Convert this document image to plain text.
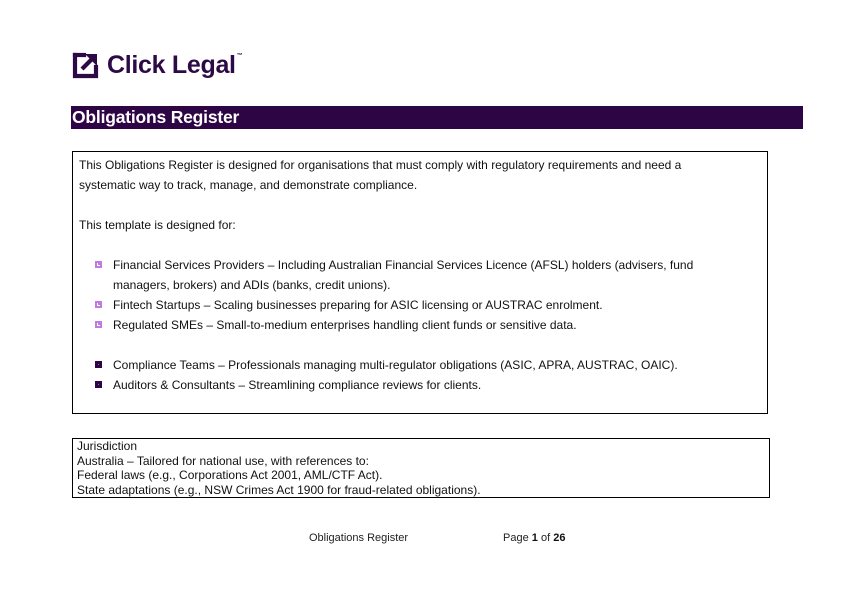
Click Legal ™
Obligations Register
This Obligations Register is designed for organisations that must comply with regulatory requirements and need a
systematic way to track, manage, and demonstrate compliance.
This template is designed for:
Financial Services Providers – Including Australian Financial Services Licence (AFSL) holders (advisers, fund managers, brokers) and ADIs (banks, credit unions).
Fintech Startups – Scaling businesses preparing for ASIC licensing or AUSTRAC enrolment.
Regulated SMEs – Small-to-medium enterprises handling client funds or sensitive data.
Compliance Teams – Professionals managing multi-regulator obligations (ASIC, APRA, AUSTRAC, OAIC).
Auditors & Consultants – Streamlining compliance reviews for clients.
Jurisdiction
Australia – Tailored for national use, with references to:
Federal laws (e.g., Corporations Act 2001, AML/CTF Act).
State adaptations (e.g., NSW Crimes Act 1900 for fraud-related obligations).
Obligations Register	Page 1 of 26
